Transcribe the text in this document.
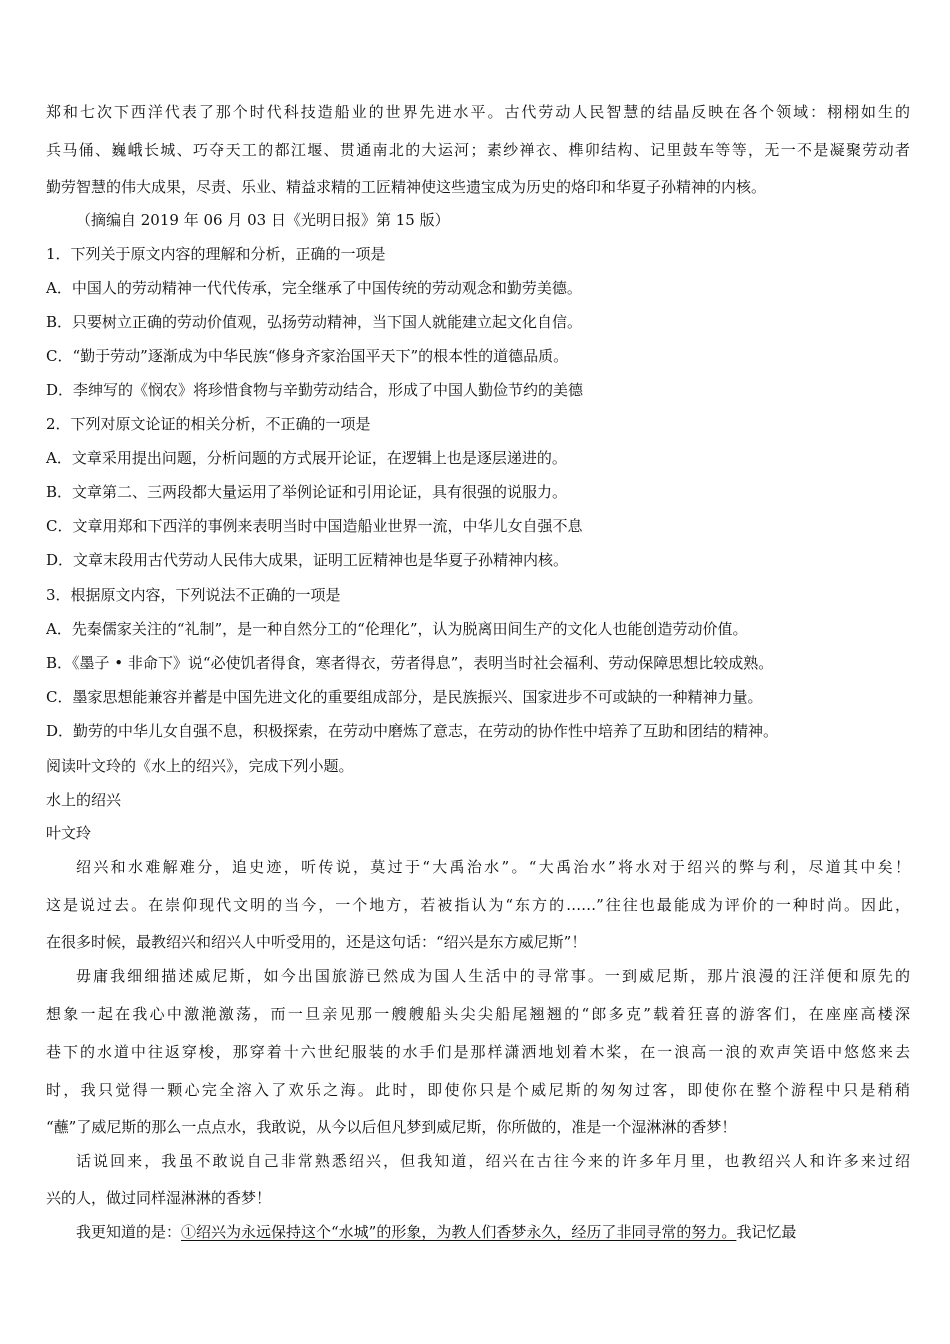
郑和七次下西洋代表了那个时代科技造船业的世界先进水平。古代劳动人民智慧的结晶反映在各个领域：栩栩如生的
兵马俑、巍峨长城、巧夺天工的都江堰、贯通南北的大运河；素纱禅衣、榫卯结构、记里鼓车等等，无一不是凝聚劳动者
勤劳智慧的伟大成果，尽责、乐业、精益求精的工匠精神使这些遗宝成为历史的烙印和华夏子孙精神的内核。
（摘编自 2019 年 06 月 03 日《光明日报》第 15 版）
1．下列关于原文内容的理解和分析，正确的一项是
A．中国人的劳动精神一代代传承，完全继承了中国传统的劳动观念和勤劳美德。
B．只要树立正确的劳动价值观，弘扬劳动精神，当下国人就能建立起文化自信。
C．“勤于劳动”逐渐成为中华民族“修身齐家治国平天下”的根本性的道德品质。
D．李绅写的《悯农》将珍惜食物与辛勤劳动结合，形成了中国人勤俭节约的美德
2．下列对原文论证的相关分析，不正确的一项是
A．文章采用提出问题，分析问题的方式展开论证，在逻辑上也是逐层递进的。
B．文章第二、三两段都大量运用了举例论证和引用论证，具有很强的说服力。
C．文章用郑和下西洋的事例来表明当时中国造船业世界一流，中华儿女自强不息
D．文章末段用古代劳动人民伟大成果，证明工匠精神也是华夏子孙精神内核。
3．根据原文内容，下列说法不正确的一项是
A．先秦儒家关注的“礼制”，是一种自然分工的“伦理化”，认为脱离田间生产的文化人也能创造劳动价值。
B．《墨子 • 非命下》说“必使饥者得食，寒者得衣，劳者得息”，表明当时社会福利、劳动保障思想比较成熟。
C．墨家思想能兼容并蓄是中国先进文化的重要组成部分，是民族振兴、国家进步不可或缺的一种精神力量。
D．勤劳的中华儿女自强不息，积极探索，在劳动中磨炼了意志，在劳动的协作性中培养了互助和团结的精神。
阅读叶文玲的《水上的绍兴》，完成下列小题。
水上的绍兴
叶文玲
绍兴和水难解难分，追史迹，听传说，莫过于“大禹治水”。“大禹治水”将水对于绍兴的弊与利，尽道其中矣！
这是说过去。在崇仰现代文明的当今，一个地方，若被指认为“东方的……”往往也最能成为评价的一种时尚。因此，
在很多时候，最教绍兴和绍兴人中听受用的，还是这句话：“绍兴是东方威尼斯”！
毋庸我细细描述威尼斯，如今出国旅游已然成为国人生活中的寻常事。一到威尼斯，那片浪漫的汪洋便和原先的
想象一起在我心中激滟激荡，而一旦亲见那一艘艘船头尖尖船尾翘翘的“郎多克”载着狂喜的游客们，在座座高楼深
巷下的水道中往返穿梭，那穿着十六世纪服装的水手们是那样潇洒地划着木桨，在一浪高一浪的欢声笑语中悠悠来去
时，我只觉得一颗心完全溶入了欢乐之海。此时，即使你只是个威尼斯的匆匆过客，即使你在整个游程中只是稍稍
“蘸”了威尼斯的那么一点点水，我敢说，从今以后但凡梦到威尼斯，你所做的，准是一个湿淋淋的香梦！
话说回来，我虽不敢说自己非常熟悉绍兴，但我知道，绍兴在古往今来的许多年月里，也教绍兴人和许多来过绍
兴的人，做过同样湿淋淋的香梦！
我更知道的是：①绍兴为永远保持这个“水城”的形象，为教人们香梦永久，经历了非同寻常的努力。我记忆最
